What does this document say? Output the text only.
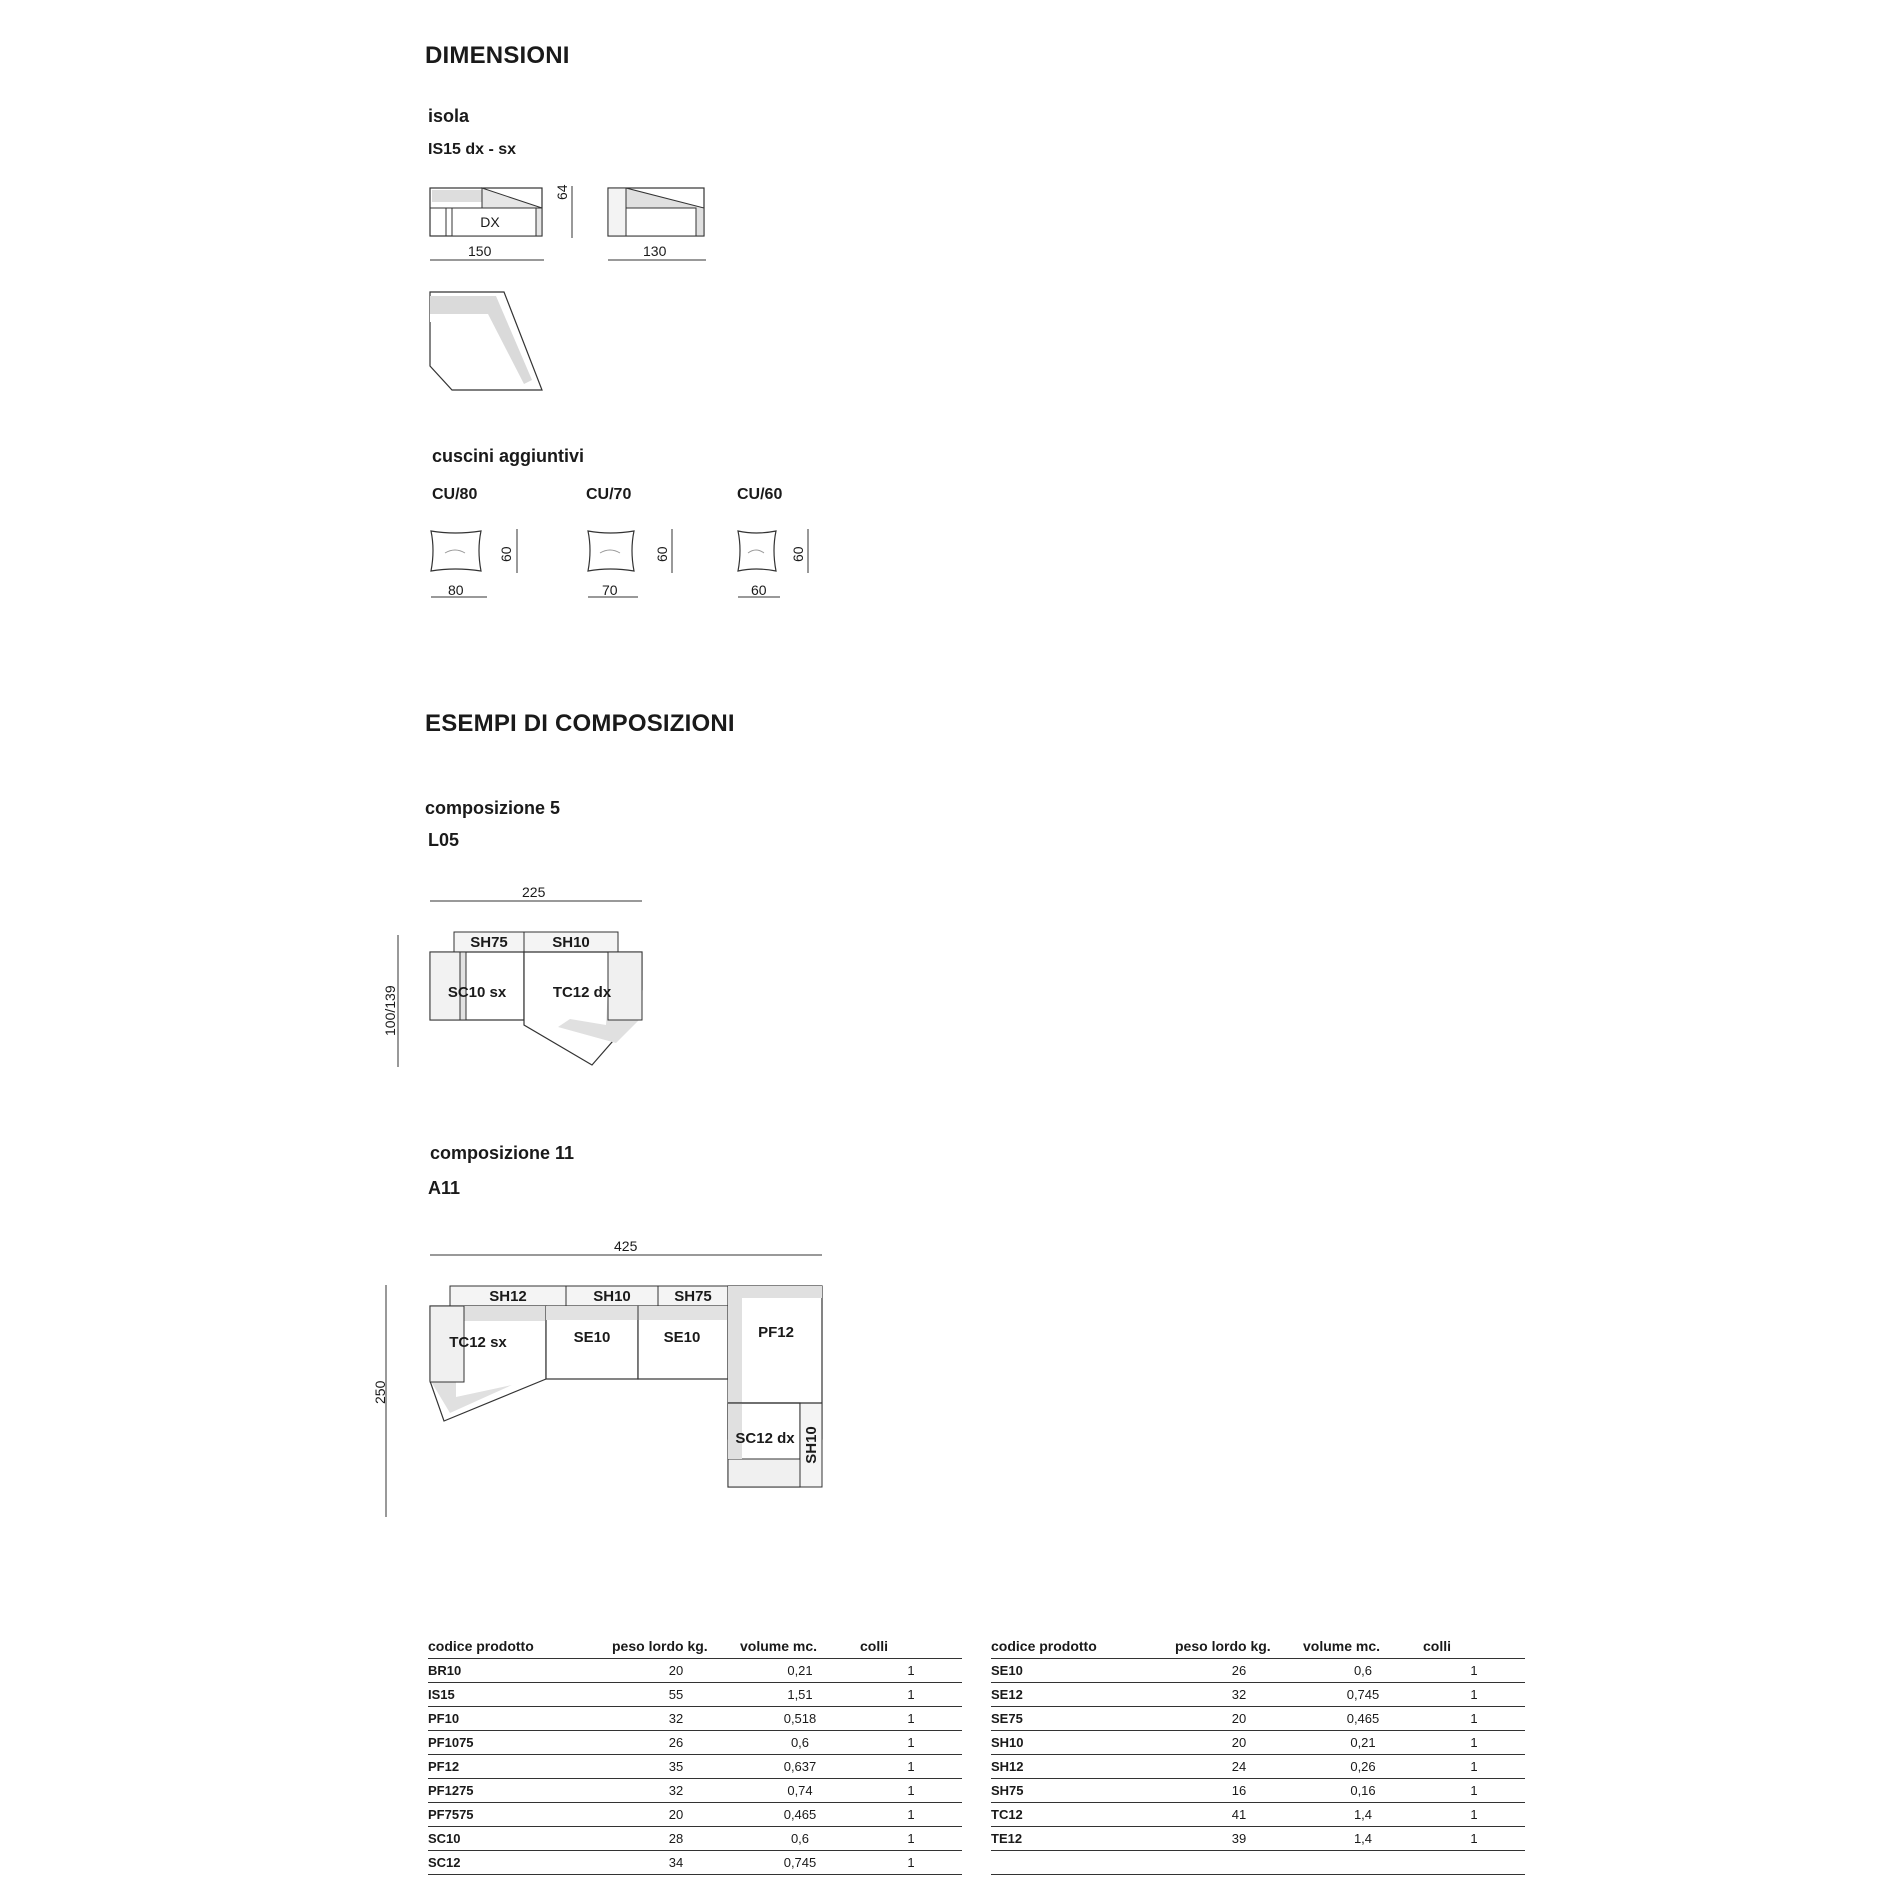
DIMENSIONI
isola
IS15 dx - sx
DX
150
64
130
cuscini aggiuntivi
CU/80	CU/70	CU/60
80
60
70
60
60
60
ESEMPI DI COMPOSIZIONI
composizione 5
L05
225
100/139
SH75	SH10
SC10 sx	TC12 dx
composizione 11
A11
425
250
SH12	SH10	SH75
TC12 sx	SE10	SE10	PF12
SC12 dx SH10
codice prodotto	peso lordo kg.	volume mc.	colli
BR10	20	0,21	1
IS15	55	1,51	1
PF10	32	0,518	1
PF1075	26	0,6	1
PF12	35	0,637	1
PF1275	32	0,74	1
PF7575	20	0,465	1
SC10	28	0,6	1
SC12	34	0,745	1
codice prodotto	peso lordo kg.	volume mc.	colli
SE10	26	0,6	1
SE12	32	0,745	1
SE75	20	0,465	1
SH10	20	0,21	1
SH12	24	0,26	1
SH75	16	0,16	1
TC12	41	1,4	1
TE12	39	1,4	1
